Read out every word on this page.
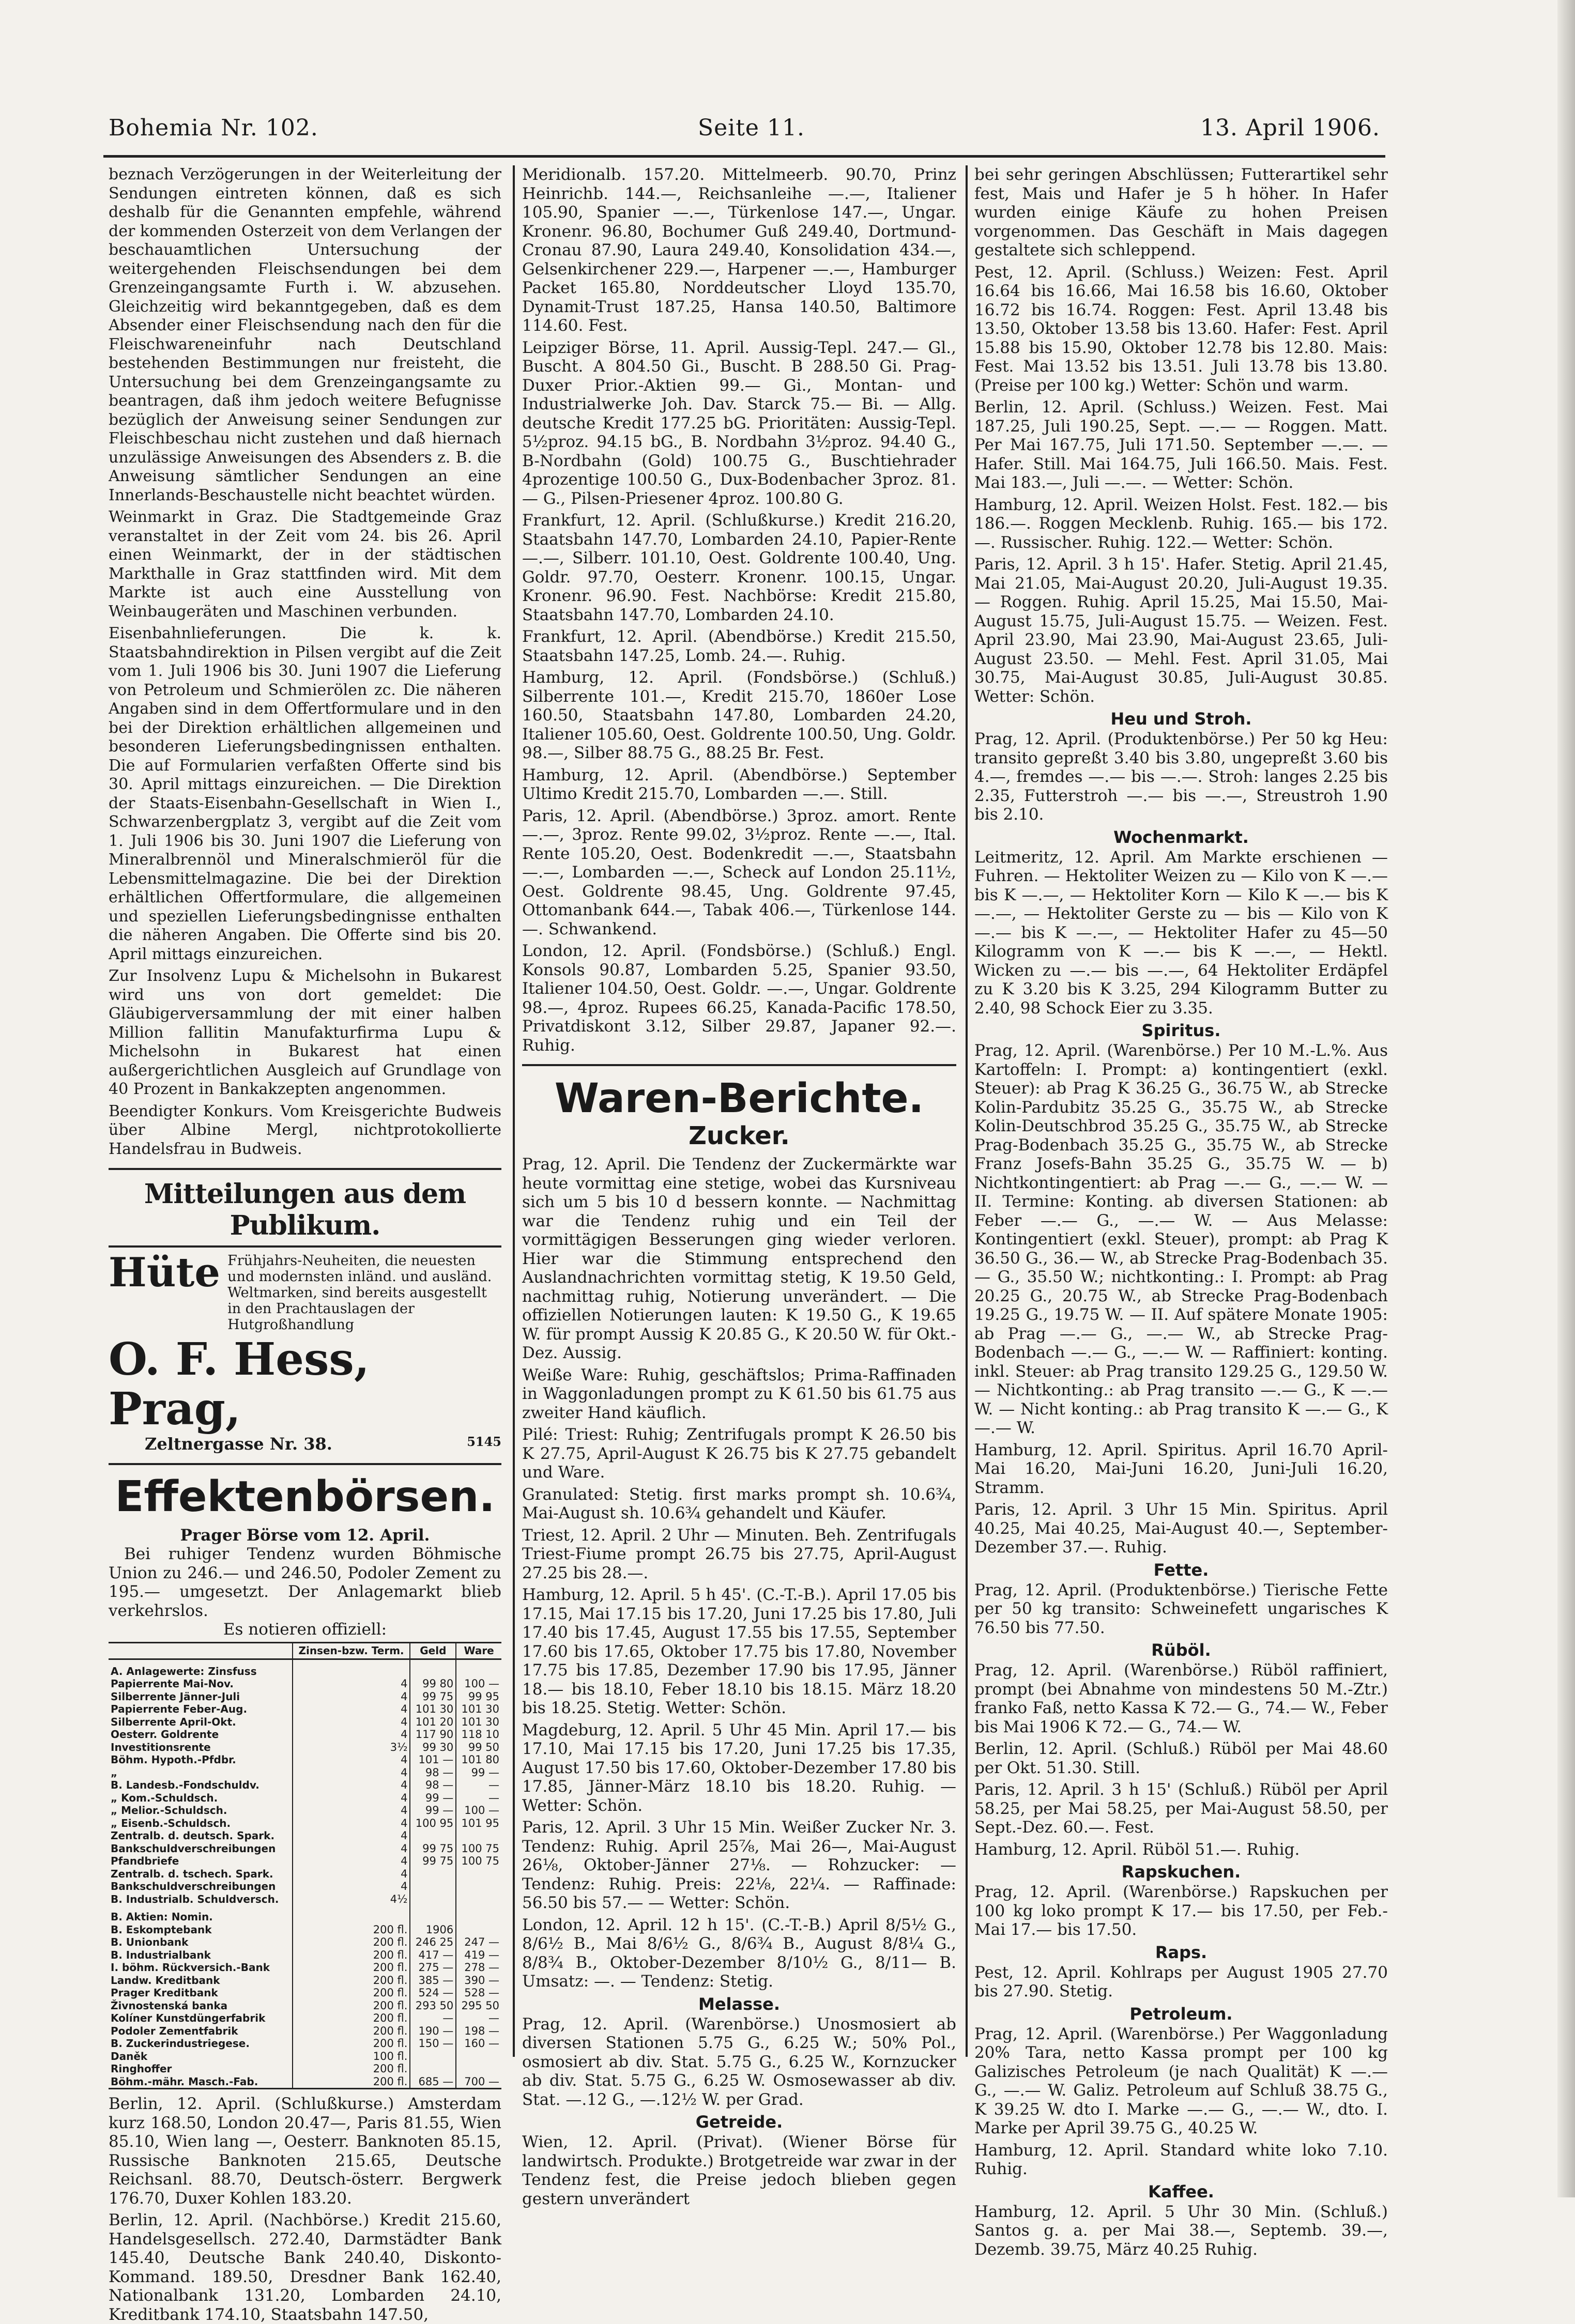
Bohemia Nr. 102.	Seite 11.	13. April 1906.

beznach Verzögerungen in der Weiterleitung der Sendungen eintreten können, daß es sich deshalb für die Genannten empfehle, während der kommenden Osterzeit von dem Verlangen der beschauamtlichen Untersuchung der weitergehenden Fleischsendungen bei dem Grenzeingangsamte Furth i. W. abzusehen. Gleichzeitig wird bekanntgegeben, daß es dem Absender einer Fleischsendung nach den für die Fleischwareneinfuhr nach Deutschland bestehenden Bestimmungen nur freisteht, die Untersuchung bei dem Grenzeingangsamte zu beantragen, daß ihm jedoch weitere Befugnisse bezüglich der Anweisung seiner Sendungen zur Fleischbeschau nicht zustehen und daß hiernach unzulässige Anweisungen des Absenders z. B. die Anweisung sämtlicher Sendungen an eine Innerlands-Beschaustelle nicht beachtet würden.

Weinmarkt in Graz. Die Stadtgemeinde Graz veranstaltet in der Zeit vom 24. bis 26. April einen Weinmarkt, der in der städtischen Markthalle in Graz stattfinden wird. Mit dem Markte ist auch eine Ausstellung von Weinbaugeräten und Maschinen verbunden.

Eisenbahnlieferungen. Die k. k. Staatsbahndirektion in Pilsen vergibt auf die Zeit vom 1. Juli 1906 bis 30. Juni 1907 die Lieferung von Petroleum und Schmierölen zc. Die näheren Angaben sind in dem Offertformulare und in den bei der Direktion erhältlichen allgemeinen und besonderen Lieferungsbedingnissen enthalten. Die auf Formularien verfaßten Offerte sind bis 30. April mittags einzureichen. — Die Direktion der Staats-Eisenbahn-Gesellschaft in Wien I., Schwarzenbergplatz 3, vergibt auf die Zeit vom 1. Juli 1906 bis 30. Juni 1907 die Lieferung von Mineralbrennöl und Mineralschmieröl für die Lebensmittelmagazine. Die bei der Direktion erhältlichen Offertformulare, die allgemeinen und speziellen Lieferungsbedingnisse enthalten die näheren Angaben. Die Offerte sind bis 20. April mittags einzureichen.

Zur Insolvenz Lupu & Michelsohn in Bukarest wird uns von dort gemeldet: Die Gläubigerversammlung der mit einer halben Million fallitin Manufakturfirma Lupu & Michelsohn in Bukarest hat einen außergerichtlichen Ausgleich auf Grundlage von 40 Prozent in Bankakzepten angenommen.

Beendigter Konkurs. Vom Kreisgerichte Budweis über Albine Mergl, nichtprotokollierte Handelsfrau in Budweis.

Mitteilungen aus dem Publikum.
Hüte Frühjahrs-Neuheiten, die neuesten und modernsten inländ. und ausländ. Weltmarken, sind bereits ausgestellt in den Prachtauslagen der Hutgroßhandlung
O. F. Hess, Prag,
Zeltnergasse Nr. 38.	5145
Effektenbörsen.

Prager Börse vom 12. April.

Bei ruhiger Tendenz wurden Böhmische Union zu 246.— und 246.50, Podoler Zement zu 195.— umgesetzt. Der Anlagemarkt blieb verkehrslos.

Es notieren offiziell:

	Zinsen-bzw. Term.	Geld	Ware
A. Anlagewerte: Zinsfuss			
Papierrente Mai-Nov.	4	99 80	100 —
Silberrente Jänner-Juli	4	99 75	99 95
Papierrente Feber-Aug.	4	101 30	101 30
Silberrente April-Okt.	4	101 20	101 30
Oesterr. Goldrente	4	117 90	118 10
Investitionsrente	3½	99 30	99 50
Böhm. Hypoth.-Pfdbr.	4	101 —	101 80
„	4	98 —	99 —
B. Landesb.-Fondschuldv.	4	98 —	—
„ Kom.-Schuldsch.	4	99 —	—
„ Melior.-Schuldsch.	4	99 —	100 —
„ Eisenb.-Schuldsch.	4	100 95	101 95
Zentralb. d. deutsch. Spark.	4		
Bankschuldverschreibungen	4	99 75	100 75
Pfandbriefe	4	99 75	100 75
Zentralb. d. tschech. Spark.	4		
Bankschuldverschreibungen	4		
B. Industrialb. Schuldversch.	4½		
B. Aktien: Nomin.			
B. Eskomptebank	200 fl.	1906	
B. Unionbank	200 fl.	246 25	247 —
B. Industrialbank	200 fl.	417 —	419 —
I. böhm. Rückversich.-Bank	200 fl.	275 —	278 —
Landw. Kreditbank	200 fl.	385 —	390 —
Prager Kreditbank	200 fl.	524 —	528 —
Živnostenská banka	200 fl.	293 50	295 50
Kolíner Kunstdüngerfabrik	200 fl.	—	—
Podoler Zementfabrik	200 fl.	190 —	198 —
B. Zuckerindustriegese.	200 fl.	150 —	160 —
Daněk	100 fl.		
Ringhoffer	200 fl.		
Böhm.-mähr. Masch.-Fab.	200 fl.	685 —	700 —

Berlin, 12. April. (Schlußkurse.) Amsterdam kurz 168.50, London 20.47—, Paris 81.55, Wien 85.10, Wien lang —, Oesterr. Banknoten 85.15, Russische Banknoten 215.65, Deutsche Reichsanl. 88.70, Deutsch-österr. Bergwerk 176.70, Duxer Kohlen 183.20.

Berlin, 12. April. (Nachbörse.) Kredit 215.60, Handelsgesellsch. 272.40, Darmstädter Bank 145.40, Deutsche Bank 240.40, Diskonto-Kommand. 189.50, Dresdner Bank 162.40, Nationalbank 131.20, Lombarden 24.10, Kreditbank 174.10, Staatsbahn 147.50,

Meridionalb. 157.20. Mittelmeerb. 90.70, Prinz Heinrichb. 144.—, Reichsanleihe —.—, Italiener 105.90, Spanier —.—, Türkenlose 147.—, Ungar. Kronenr. 96.80, Bochumer Guß 249.40, Dortmund-Cronau 87.90, Laura 249.40, Konsolidation 434.—, Gelsenkirchener 229.—, Harpener —.—, Hamburger Packet 165.80, Norddeutscher Lloyd 135.70, Dynamit-Trust 187.25, Hansa 140.50, Baltimore 114.60. Fest.

Leipziger Börse, 11. April. Aussig-Tepl. 247.— Gl., Buscht. A 804.50 Gi., Buscht. B 288.50 Gi. Prag-Duxer Prior.-Aktien 99.— Gi., Montan- und Industrialwerke Joh. Dav. Starck 75.— Bi. — Allg. deutsche Kredit 177.25 bG. Prioritäten: Aussig-Tepl. 5½proz. 94.15 bG., B. Nordbahn 3½proz. 94.40 G., B-Nordbahn (Gold) 100.75 G., Buschtiehrader 4prozentige 100.50 G., Dux-Bodenbacher 3proz. 81.— G., Pilsen-Priesener 4proz. 100.80 G.

Frankfurt, 12. April. (Schlußkurse.) Kredit 216.20, Staatsbahn 147.70, Lombarden 24.10, Papier-Rente —.—, Silberr. 101.10, Oest. Goldrente 100.40, Ung. Goldr. 97.70, Oesterr. Kronenr. 100.15, Ungar. Kronenr. 96.90. Fest. Nachbörse: Kredit 215.80, Staatsbahn 147.70, Lombarden 24.10.

Frankfurt, 12. April. (Abendbörse.) Kredit 215.50, Staatsbahn 147.25, Lomb. 24.—. Ruhig.

Hamburg, 12. April. (Fondsbörse.) (Schluß.) Silberrente 101.—, Kredit 215.70, 1860er Lose 160.50, Staatsbahn 147.80, Lombarden 24.20, Italiener 105.60, Oest. Goldrente 100.50, Ung. Goldr. 98.—, Silber 88.75 G., 88.25 Br. Fest.

Hamburg, 12. April. (Abendbörse.) September Ultimo Kredit 215.70, Lombarden —.—. Still.

Paris, 12. April. (Abendbörse.) 3proz. amort. Rente —.—, 3proz. Rente 99.02, 3½proz. Rente —.—, Ital. Rente 105.20, Oest. Bodenkredit —.—, Staatsbahn —.—, Lombarden —.—, Scheck auf London 25.11½, Oest. Goldrente 98.45, Ung. Goldrente 97.45, Ottomanbank 644.—, Tabak 406.—, Türkenlose 144.—. Schwankend.

London, 12. April. (Fondsbörse.) (Schluß.) Engl. Konsols 90.87, Lombarden 5.25, Spanier 93.50, Italiener 104.50, Oest. Goldr. —.—, Ungar. Goldrente 98.—, 4proz. Rupees 66.25, Kanada-Pacific 178.50, Privatdiskont 3.12, Silber 29.87, Japaner 92.—. Ruhig.

Waren-Berichte.
Zucker.

Prag, 12. April. Die Tendenz der Zuckermärkte war heute vormittag eine stetige, wobei das Kursniveau sich um 5 bis 10 d bessern konnte. — Nachmittag war die Tendenz ruhig und ein Teil der vormittägigen Besserungen ging wieder verloren. Hier war die Stimmung entsprechend den Auslandnachrichten vormittag stetig, K 19.50 Geld, nachmittag ruhig, Notierung unverändert. — Die offiziellen Notierungen lauten: K 19.50 G., K 19.65 W. für prompt Aussig K 20.85 G., K 20.50 W. für Okt.-Dez. Aussig.

Weiße Ware: Ruhig, geschäftslos; Prima-Raffinaden in Waggonladungen prompt zu K 61.50 bis 61.75 aus zweiter Hand käuflich.

Pilé: Triest: Ruhig; Zentrifugals prompt K 26.50 bis K 27.75, April-August K 26.75 bis K 27.75 gebandelt und Ware.

Granulated: Stetig. first marks prompt sh. 10.6¾, Mai-August sh. 10.6¾ gehandelt und Käufer.

Triest, 12. April. 2 Uhr — Minuten. Beh. Zentrifugals Triest-Fiume prompt 26.75 bis 27.75, April-August 27.25 bis 28.—.

Hamburg, 12. April. 5 h 45'. (C.-T.-B.). April 17.05 bis 17.15, Mai 17.15 bis 17.20, Juni 17.25 bis 17.80, Juli 17.40 bis 17.45, August 17.55 bis 17.55, September 17.60 bis 17.65, Oktober 17.75 bis 17.80, November 17.75 bis 17.85, Dezember 17.90 bis 17.95, Jänner 18.— bis 18.10, Feber 18.10 bis 18.15. März 18.20 bis 18.25. Stetig. Wetter: Schön.

Magdeburg, 12. April. 5 Uhr 45 Min. April 17.— bis 17.10, Mai 17.15 bis 17.20, Juni 17.25 bis 17.35, August 17.50 bis 17.60, Oktober-Dezember 17.80 bis 17.85, Jänner-März 18.10 bis 18.20. Ruhig. — Wetter: Schön.

Paris, 12. April. 3 Uhr 15 Min. Weißer Zucker Nr. 3. Tendenz: Ruhig. April 25⅞, Mai 26—, Mai-August 26⅛, Oktober-Jänner 27⅛. — Rohzucker: — Tendenz: Ruhig. Preis: 22⅛, 22¼. — Raffinade: 56.50 bis 57.— — Wetter: Schön.

London, 12. April. 12 h 15'. (C.-T.-B.) April 8/5½ G., 8/6½ B., Mai 8/6½ G., 8/6¾ B., August 8/8¼ G., 8/8¾ B., Oktober-Dezember 8/10½ G., 8/11— B. Umsatz: —. — Tendenz: Stetig.

Melasse.

Prag, 12. April. (Warenbörse.) Unosmosiert ab diversen Stationen 5.75 G., 6.25 W.; 50% Pol., osmosiert ab div. Stat. 5.75 G., 6.25 W., Kornzucker ab div. Stat. 5.75 G., 6.25 W. Osmosewasser ab div. Stat. —.12 G., —.12½ W. per Grad.

Getreide.

Wien, 12. April. (Privat). (Wiener Börse für landwirtsch. Produkte.) Brotgetreide war zwar in der Tendenz fest, die Preise jedoch blieben gegen gestern unverändert

bei sehr geringen Abschlüssen; Futterartikel sehr fest, Mais und Hafer je 5 h höher. In Hafer wurden einige Käufe zu hohen Preisen vorgenommen. Das Geschäft in Mais dagegen gestaltete sich schleppend.

Pest, 12. April. (Schluss.) Weizen: Fest. April 16.64 bis 16.66, Mai 16.58 bis 16.60, Oktober 16.72 bis 16.74. Roggen: Fest. April 13.48 bis 13.50, Oktober 13.58 bis 13.60. Hafer: Fest. April 15.88 bis 15.90, Oktober 12.78 bis 12.80. Mais: Fest. Mai 13.52 bis 13.51. Juli 13.78 bis 13.80. (Preise per 100 kg.) Wetter: Schön und warm.

Berlin, 12. April. (Schluss.) Weizen. Fest. Mai 187.25, Juli 190.25, Sept. —.— — Roggen. Matt. Per Mai 167.75, Juli 171.50. September —.—. — Hafer. Still. Mai 164.75, Juli 166.50. Mais. Fest. Mai 183.—, Juli —.—. — Wetter: Schön.

Hamburg, 12. April. Weizen Holst. Fest. 182.— bis 186.—. Roggen Mecklenb. Ruhig. 165.— bis 172.—. Russischer. Ruhig. 122.— Wetter: Schön.

Paris, 12. April. 3 h 15'. Hafer. Stetig. April 21.45, Mai 21.05, Mai-August 20.20, Juli-August 19.35. — Roggen. Ruhig. April 15.25, Mai 15.50, Mai-August 15.75, Juli-August 15.75. — Weizen. Fest. April 23.90, Mai 23.90, Mai-August 23.65, Juli-August 23.50. — Mehl. Fest. April 31.05, Mai 30.75, Mai-August 30.85, Juli-August 30.85. Wetter: Schön.

Heu und Stroh.

Prag, 12. April. (Produktenbörse.) Per 50 kg Heu: transito gepreßt 3.40 bis 3.80, ungepreßt 3.60 bis 4.—, fremdes —.— bis —.—. Stroh: langes 2.25 bis 2.35, Futterstroh —.— bis —.—, Streustroh 1.90 bis 2.10.

Wochenmarkt.

Leitmeritz, 12. April. Am Markte erschienen — Fuhren. — Hektoliter Weizen zu — Kilo von K —.— bis K —.—, — Hektoliter Korn — Kilo K —.— bis K —.—, — Hektoliter Gerste zu — bis — Kilo von K —.— bis K —.—, — Hektoliter Hafer zu 45—50 Kilogramm von K —.— bis K —.—, — Hektl. Wicken zu —.— bis —.—, 64 Hektoliter Erdäpfel zu K 3.20 bis K 3.25, 294 Kilogramm Butter zu 2.40, 98 Schock Eier zu 3.35.

Spiritus.

Prag, 12. April. (Warenbörse.) Per 10 M.-L.%. Aus Kartoffeln: I. Prompt: a) kontingentiert (exkl. Steuer): ab Prag K 36.25 G., 36.75 W., ab Strecke Kolin-Pardubitz 35.25 G., 35.75 W., ab Strecke Kolin-Deutschbrod 35.25 G., 35.75 W., ab Strecke Prag-Bodenbach 35.25 G., 35.75 W., ab Strecke Franz Josefs-Bahn 35.25 G., 35.75 W. — b) Nichtkontingentiert: ab Prag —.— G., —.— W. — II. Termine: Konting. ab diversen Stationen: ab Feber —.— G., —.— W. — Aus Melasse: Kontingentiert (exkl. Steuer), prompt: ab Prag K 36.50 G., 36.— W., ab Strecke Prag-Bodenbach 35.— G., 35.50 W.; nichtkonting.: I. Prompt: ab Prag 20.25 G., 20.75 W., ab Strecke Prag-Bodenbach 19.25 G., 19.75 W. — II. Auf spätere Monate 1905: ab Prag —.— G., —.— W., ab Strecke Prag-Bodenbach —.— G., —.— W. — Raffiniert: konting. inkl. Steuer: ab Prag transito 129.25 G., 129.50 W. — Nichtkonting.: ab Prag transito —.— G., K —.— W. — Nicht konting.: ab Prag transito K —.— G., K —.— W.

Hamburg, 12. April. Spiritus. April 16.70 April-Mai 16.20, Mai-Juni 16.20, Juni-Juli 16.20, Stramm.

Paris, 12. April. 3 Uhr 15 Min. Spiritus. April 40.25, Mai 40.25, Mai-August 40.—, September-Dezember 37.—. Ruhig.

Fette.

Prag, 12. April. (Produktenbörse.) Tierische Fette per 50 kg transito: Schweinefett ungarisches K 76.50 bis 77.50.

Rüböl.

Prag, 12. April. (Warenbörse.) Rüböl raffiniert, prompt (bei Abnahme von mindestens 50 M.-Ztr.) franko Faß, netto Kassa K 72.— G., 74.— W., Feber bis Mai 1906 K 72.— G., 74.— W.

Berlin, 12. April. (Schluß.) Rüböl per Mai 48.60 per Okt. 51.30. Still.

Paris, 12. April. 3 h 15' (Schluß.) Rüböl per April 58.25, per Mai 58.25, per Mai-August 58.50, per Sept.-Dez. 60.—. Fest.

Hamburg, 12. April. Rüböl 51.—. Ruhig.

Rapskuchen.

Prag, 12. April. (Warenbörse.) Rapskuchen per 100 kg loko prompt K 17.— bis 17.50, per Feb.-Mai 17.— bis 17.50.

Raps.

Pest, 12. April. Kohlraps per August 1905 27.70 bis 27.90. Stetig.

Petroleum.

Prag, 12. April. (Warenbörse.) Per Waggonladung 20% Tara, netto Kassa prompt per 100 kg Galizisches Petroleum (je nach Qualität) K —.— G., —.— W. Galiz. Petroleum auf Schluß 38.75 G., K 39.25 W. dto I. Marke —.— G., —.— W., dto. I. Marke per April 39.75 G., 40.25 W.

Hamburg, 12. April. Standard white loko 7.10. Ruhig.

Kaffee.

Hamburg, 12. April. 5 Uhr 30 Min. (Schluß.) Santos g. a. per Mai 38.—, Septemb. 39.—, Dezemb. 39.75, März 40.25 Ruhig.
